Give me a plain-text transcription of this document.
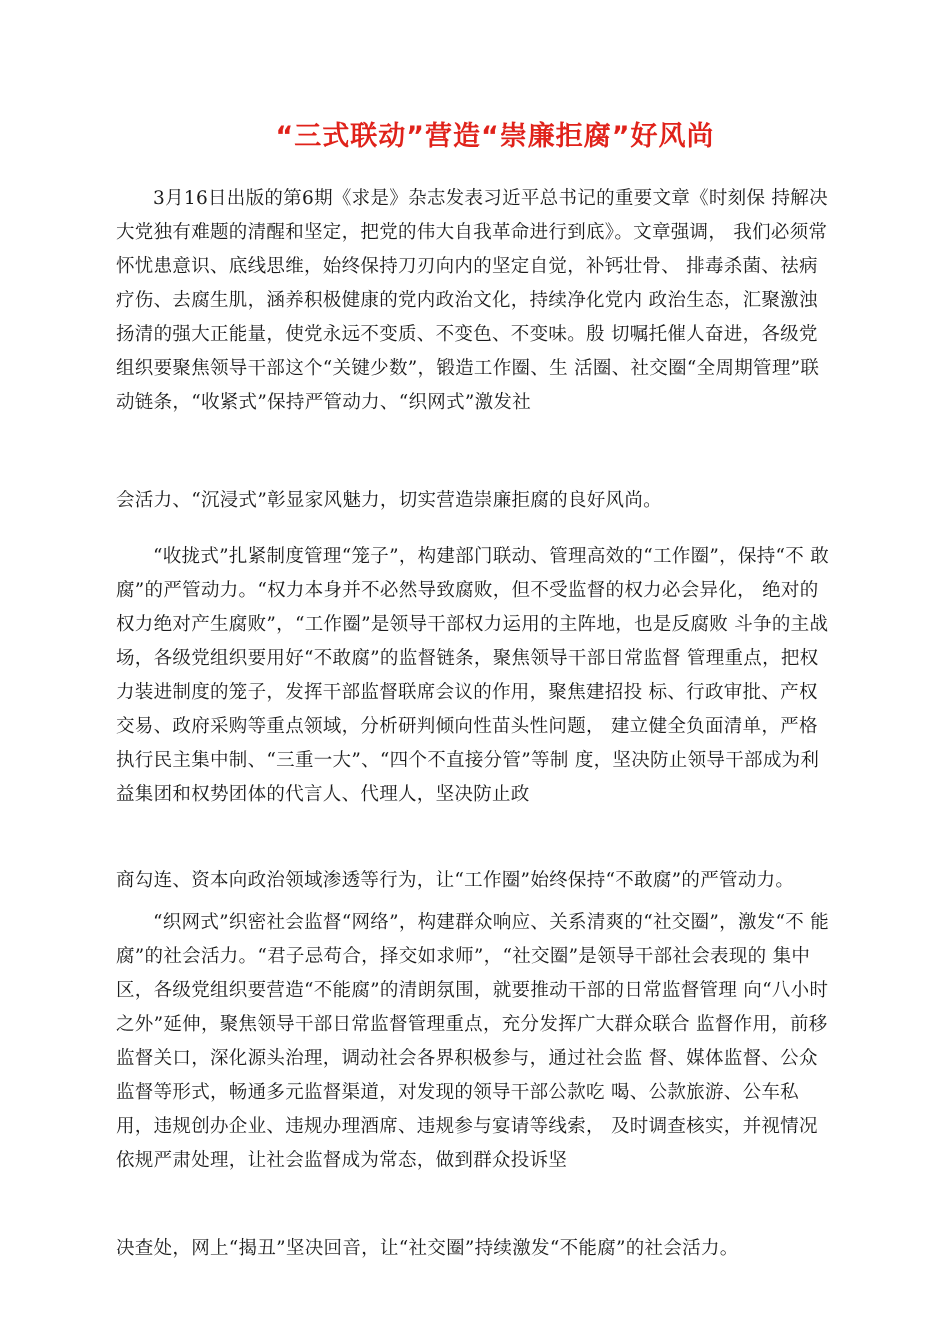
“三式联动”营造“崇廉拒腐”好风尚

3月16日出版的第6期《求是》杂志发表习近平总书记的重要文章《时刻保 持解决大党独有难题的清醒和坚定，把党的伟大自我革命进行到底》。文章强调， 我们必须常怀忧患意识、底线思维，始终保持刀刃向内的坚定自觉，补钙壮骨、 排毒杀菌、祛病疗伤、去腐生肌，涵养积极健康的党内政治文化，持续净化党内 政治生态，汇聚激浊扬清的强大正能量，使党永远不变质、不变色、不变味。殷 切嘱托催人奋进，各级党组织要聚焦领导干部这个“关键少数”，锻造工作圈、生 活圈、社交圈“全周期管理”联动链条，“收紧式”保持严管动力、“织网式”激发社

会活力、“沉浸式”彰显家风魅力，切实营造崇廉拒腐的良好风尚。

“收拢式”扎紧制度管理“笼子”，构建部门联动、管理高效的“工作圈”，保持“不 敢腐”的严管动力。“权力本身并不必然导致腐败，但不受监督的权力必会异化， 绝对的权力绝对产生腐败”，“工作圈”是领导干部权力运用的主阵地，也是反腐败 斗争的主战场，各级党组织要用好“不敢腐”的监督链条，聚焦领导干部日常监督 管理重点，把权力装进制度的笼子，发挥干部监督联席会议的作用，聚焦建招投 标、行政审批、产权交易、政府采购等重点领域，分析研判倾向性苗头性问题， 建立健全负面清单，严格执行民主集中制、“三重一大”、“四个不直接分管”等制 度，坚决防止领导干部成为利益集团和权势团体的代言人、代理人，坚决防止政

商勾连、资本向政治领域渗透等行为，让“工作圈”始终保持“不敢腐”的严管动力。

“织网式”织密社会监督“网络”，构建群众响应、关系清爽的“社交圈”，激发“不 能腐”的社会活力。“君子忌苟合，择交如求师”，“社交圈”是领导干部社会表现的 集中区，各级党组织要营造“不能腐”的清朗氛围，就要推动干部的日常监督管理 向“八小时之外”延伸，聚焦领导干部日常监督管理重点，充分发挥广大群众联合 监督作用，前移监督关口，深化源头治理，调动社会各界积极参与，通过社会监 督、媒体监督、公众监督等形式，畅通多元监督渠道，对发现的领导干部公款吃 喝、公款旅游、公车私用，违规创办企业、违规办理酒席、违规参与宴请等线索， 及时调查核实，并视情况依规严肃处理，让社会监督成为常态，做到群众投诉坚

决查处，网上“揭丑”坚决回音，让“社交圈”持续激发“不能腐”的社会活力。
